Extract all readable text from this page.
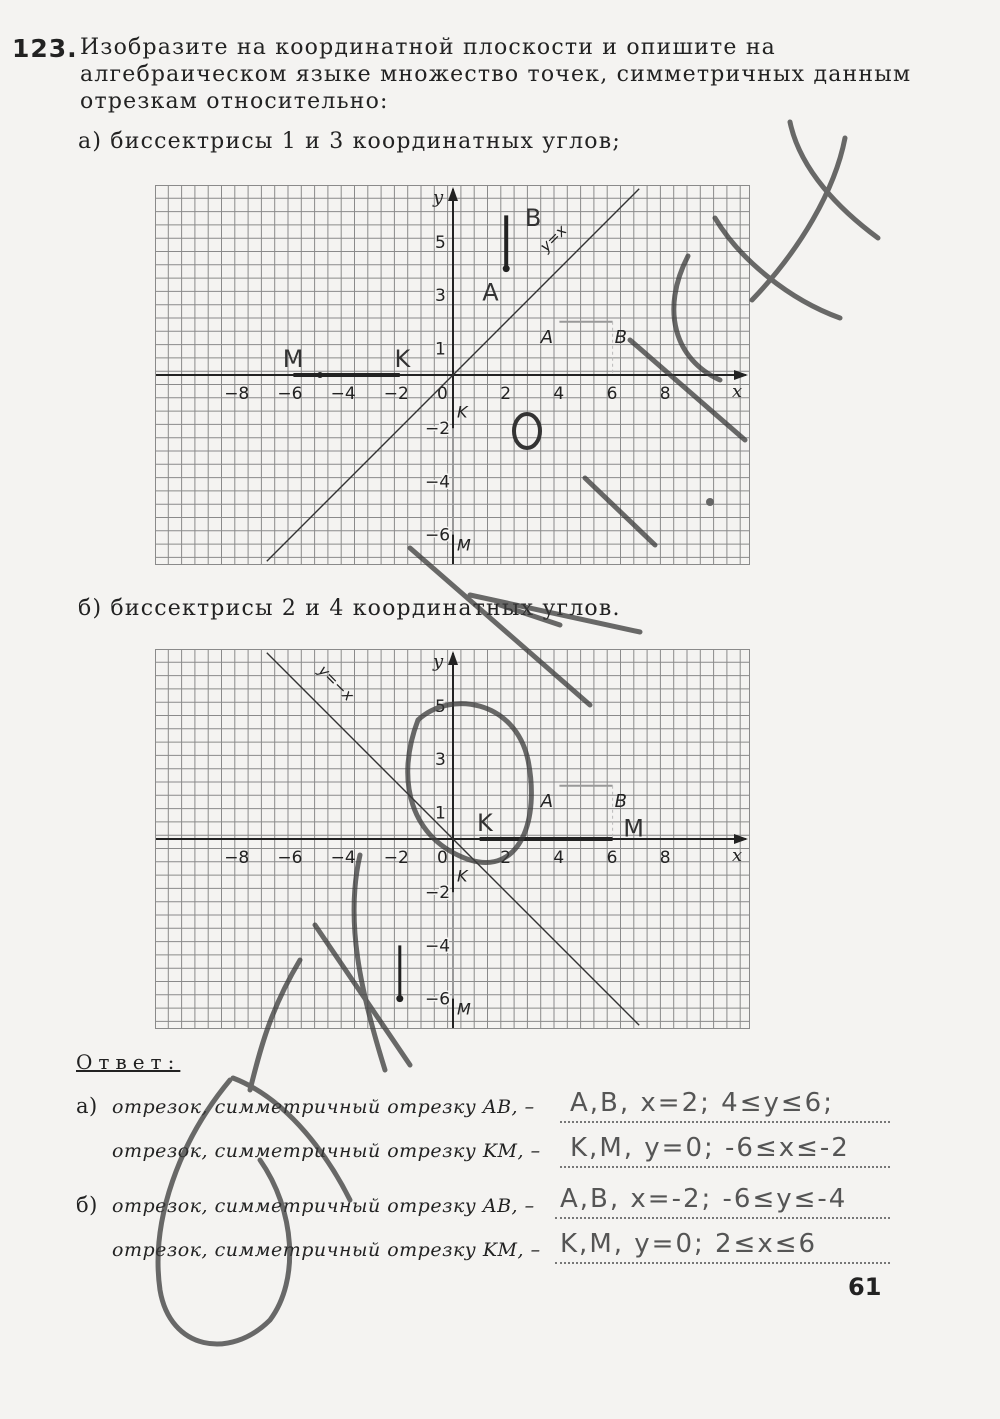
123. Изобразите на координатной плоскости и опишите на алгебраическом языке множество точек, симметричных данным отрезкам относительно:
а) биссектрисы 1 и 3 координатных углов;
x
y
−8 −6 −4 −2 0	2 4 6 8
5
3
1
−2
−4
−6
y=x
A	B
K
M
A
B
M	K
б) биссектрисы 2 и 4 координатных углов.
x
y
−8 −6 −4 −2 0	2 4 6 8
5
3
1
−2
−4
−6
y=−x
A	B
K
M
K	M
Ответ:
а) отрезок, симметричный отрезку AB, – A,B, x=2; 4≤y≤6;
отрезок, симметричный отрезку KM, – K,M, y=0; -6≤x≤-2
б) отрезок, симметричный отрезку AB, – A,B, x=-2; -6≤y≤-4
отрезок, симметричный отрезку KM, – K,M, y=0; 2≤x≤6
61
